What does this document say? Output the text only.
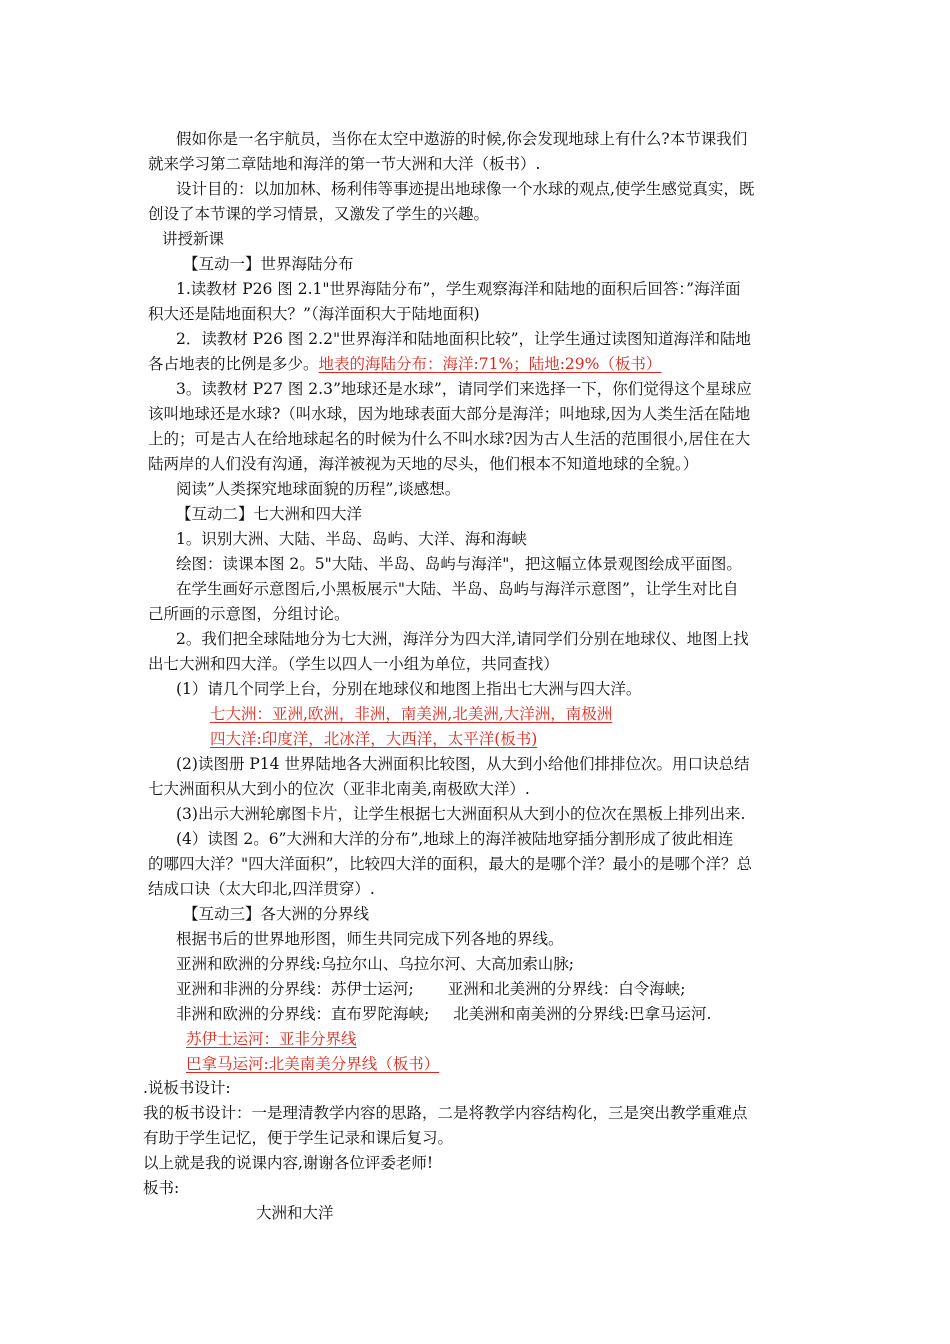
假如你是一名宇航员，当你在太空中遨游的时候,你会发现地球上有什么?本节课我们
就来学习第二章陆地和海洋的第一节大洲和大洋（板书）.
设计目的：以加加林、杨利伟等事迹提出地球像一个水球的观点,使学生感觉真实，既
创设了本节课的学习情景，又激发了学生的兴趣。
讲授新课
【互动一】世界海陆分布
1.读教材 P26 图 2.1"世界海陆分布”，学生观察海洋和陆地的面积后回答：”海洋面
积大还是陆地面积大？”（海洋面积大于陆地面积)
2．读教材 P26 图 2.2"世界海洋和陆地面积比较”，让学生通过读图知道海洋和陆地
各占地表的比例是多少。地表的海陆分布：海洋:71%；陆地:29%（板书）
3。读教材 P27 图 2.3”地球还是水球”，请同学们来选择一下，你们觉得这个星球应
该叫地球还是水球?（叫水球，因为地球表面大部分是海洋；叫地球,因为人类生活在陆地
上的；可是古人在给地球起名的时候为什么不叫水球?因为古人生活的范围很小,居住在大
陆两岸的人们没有沟通，海洋被视为天地的尽头，他们根本不知道地球的全貌。）
阅读”人类探究地球面貌的历程”,谈感想。
【互动二】七大洲和四大洋
1。识别大洲、大陆、半岛、岛屿、大洋、海和海峡
绘图：读课本图 2。5"大陆、半岛、岛屿与海洋"，把这幅立体景观图绘成平面图。
在学生画好示意图后,小黑板展示"大陆、半岛、岛屿与海洋示意图”，让学生对比自
己所画的示意图，分组讨论。
2。我们把全球陆地分为七大洲，海洋分为四大洋,请同学们分别在地球仪、地图上找
出七大洲和四大洋。（学生以四人一小组为单位，共同查找）
(1）请几个同学上台，分别在地球仪和地图上指出七大洲与四大洋。
七大洲：亚洲,欧洲，非洲，南美洲,北美洲,大洋洲，南极洲
四大洋:印度洋，北冰洋，大西洋，太平洋(板书)
(2)读图册 P14 世界陆地各大洲面积比较图，从大到小给他们排排位次。用口诀总结
七大洲面积从大到小的位次（亚非北南美,南极欧大洋）.
(3)出示大洲轮廓图卡片，让学生根据七大洲面积从大到小的位次在黑板上排列出来.
(4）读图 2。6”大洲和大洋的分布”,地球上的海洋被陆地穿插分割形成了彼此相连
的哪四大洋？"四大洋面积”，比较四大洋的面积，最大的是哪个洋？最小的是哪个洋？总
结成口诀（太大印北,四洋贯穿）.
【互动三】各大洲的分界线
根据书后的世界地形图，师生共同完成下列各地的界线。
亚洲和欧洲的分界线:乌拉尔山、乌拉尔河、大高加索山脉;
亚洲和非洲的分界线：苏伊士运河; 亚洲和北美洲的分界线：白令海峡;
非洲和欧洲的分界线：直布罗陀海峡; 北美洲和南美洲的分界线:巴拿马运河.
苏伊士运河：亚非分界线
巴拿马运河:北美南美分界线（板书）
.说板书设计:
我的板书设计：一是理清教学内容的思路，二是将教学内容结构化，三是突出教学重难点
有助于学生记忆，便于学生记录和课后复习。
以上就是我的说课内容,谢谢各位评委老师!
板书:
大洲和大洋
